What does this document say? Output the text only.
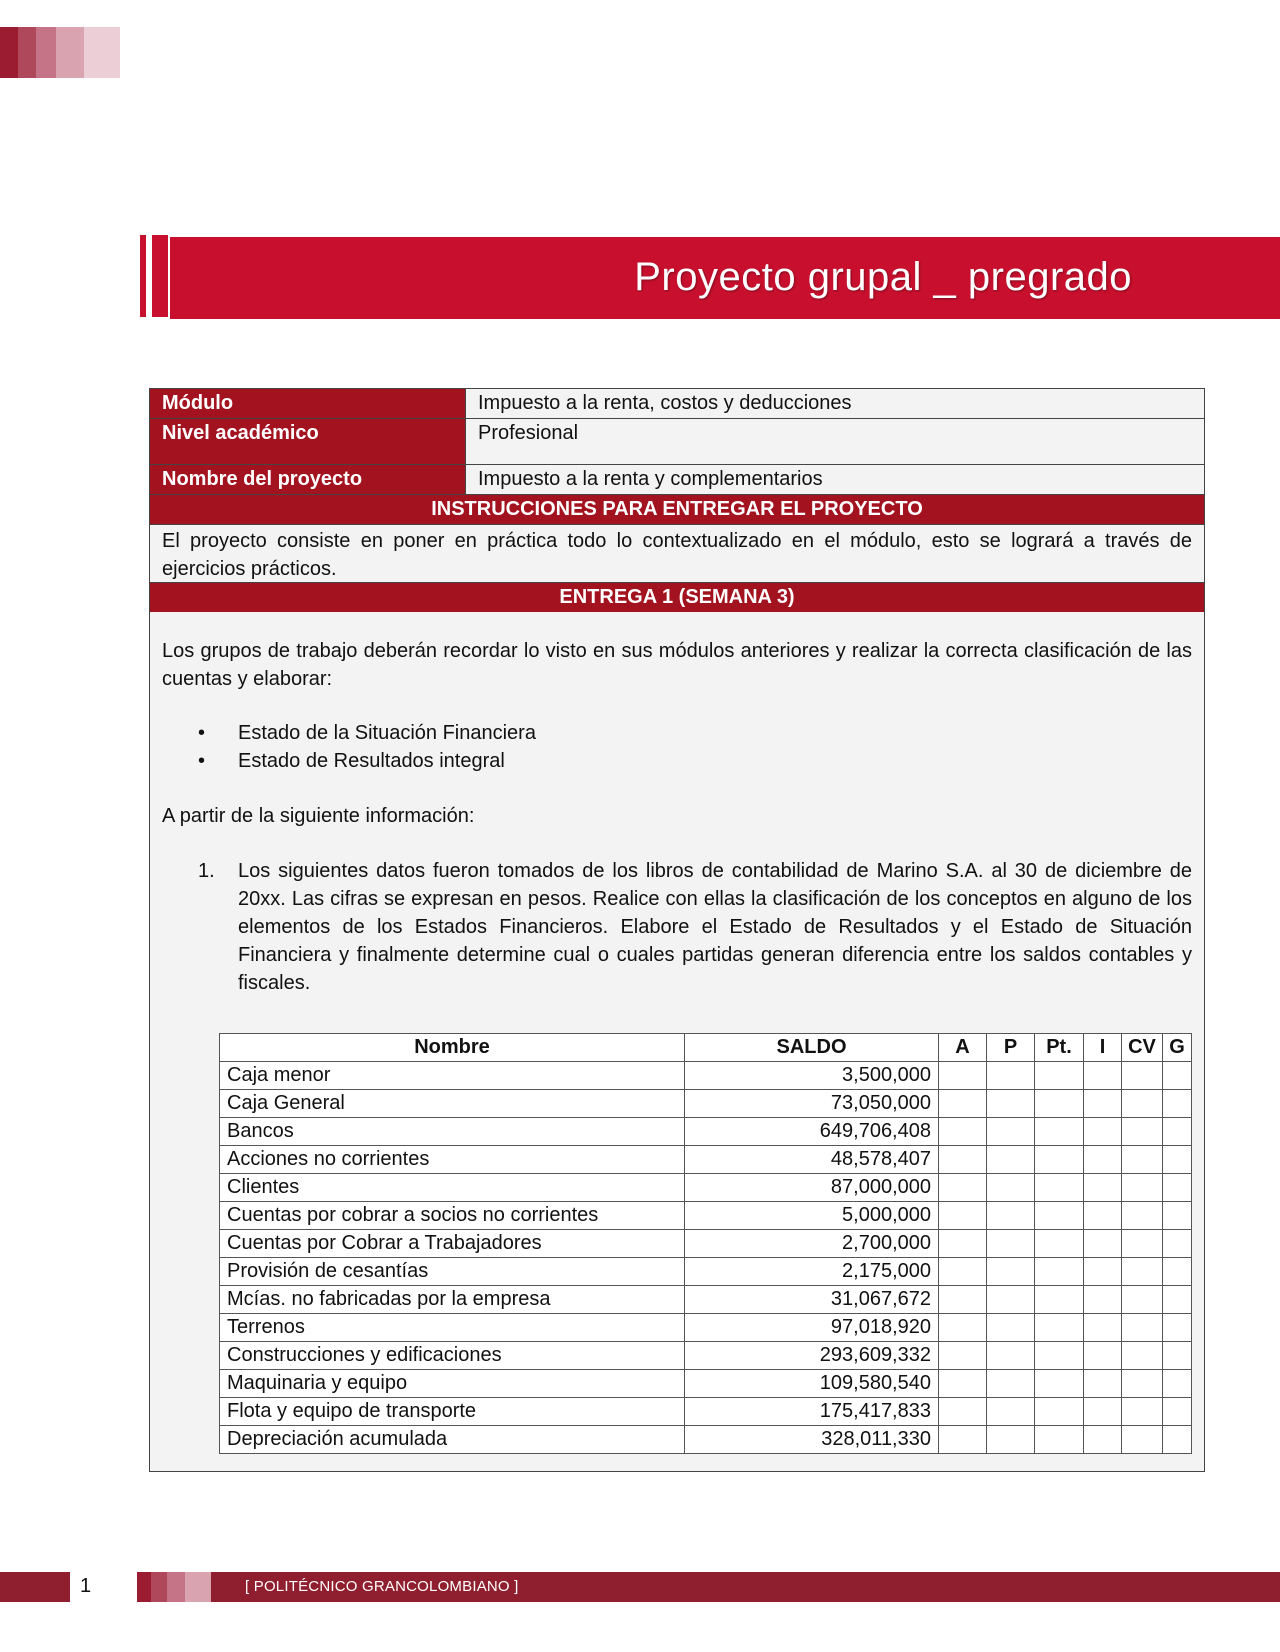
Proyecto grupal _ pregrado
Módulo	Impuesto a la renta, costos y deducciones
Nivel académico	Profesional
Nombre del proyecto	Impuesto a la renta y complementarios
INSTRUCCIONES PARA ENTREGAR EL PROYECTO
El proyecto consiste en poner en práctica todo lo contextualizado en el módulo, esto se logrará a través de ejercicios prácticos.
ENTREGA 1 (SEMANA 3)
Los grupos de trabajo deberán recordar lo visto en sus módulos anteriores y realizar la correcta clasificación de las cuentas y elaborar:
• Estado de la Situación Financiera
• Estado de Resultados integral
A partir de la siguiente información:
1. Los siguientes datos fueron tomados de los libros de contabilidad de Marino S.A. al 30 de diciembre de 20xx. Las cifras se expresan en pesos. Realice con ellas la clasificación de los conceptos en alguno de los elementos de los Estados Financieros. Elabore el Estado de Resultados y el Estado de Situación Financiera y finalmente determine cual o cuales partidas generan diferencia entre los saldos contables y fiscales.
Nombre	SALDO	A	P	Pt.	I	CV	G
Caja menor	3,500,000						
Caja General	73,050,000						
Bancos	649,706,408						
Acciones no corrientes	48,578,407						
Clientes	87,000,000						
Cuentas por cobrar a socios no corrientes	5,000,000						
Cuentas por Cobrar a Trabajadores	2,700,000						
Provisión de cesantías	2,175,000						
Mcías. no fabricadas por la empresa	31,067,672						
Terrenos	97,018,920						
Construcciones y edificaciones	293,609,332						
Maquinaria y equipo	109,580,540						
Flota y equipo de transporte	175,417,833						
Depreciación acumulada	328,011,330						
1	[ POLITÉCNICO GRANCOLOMBIANO ]
